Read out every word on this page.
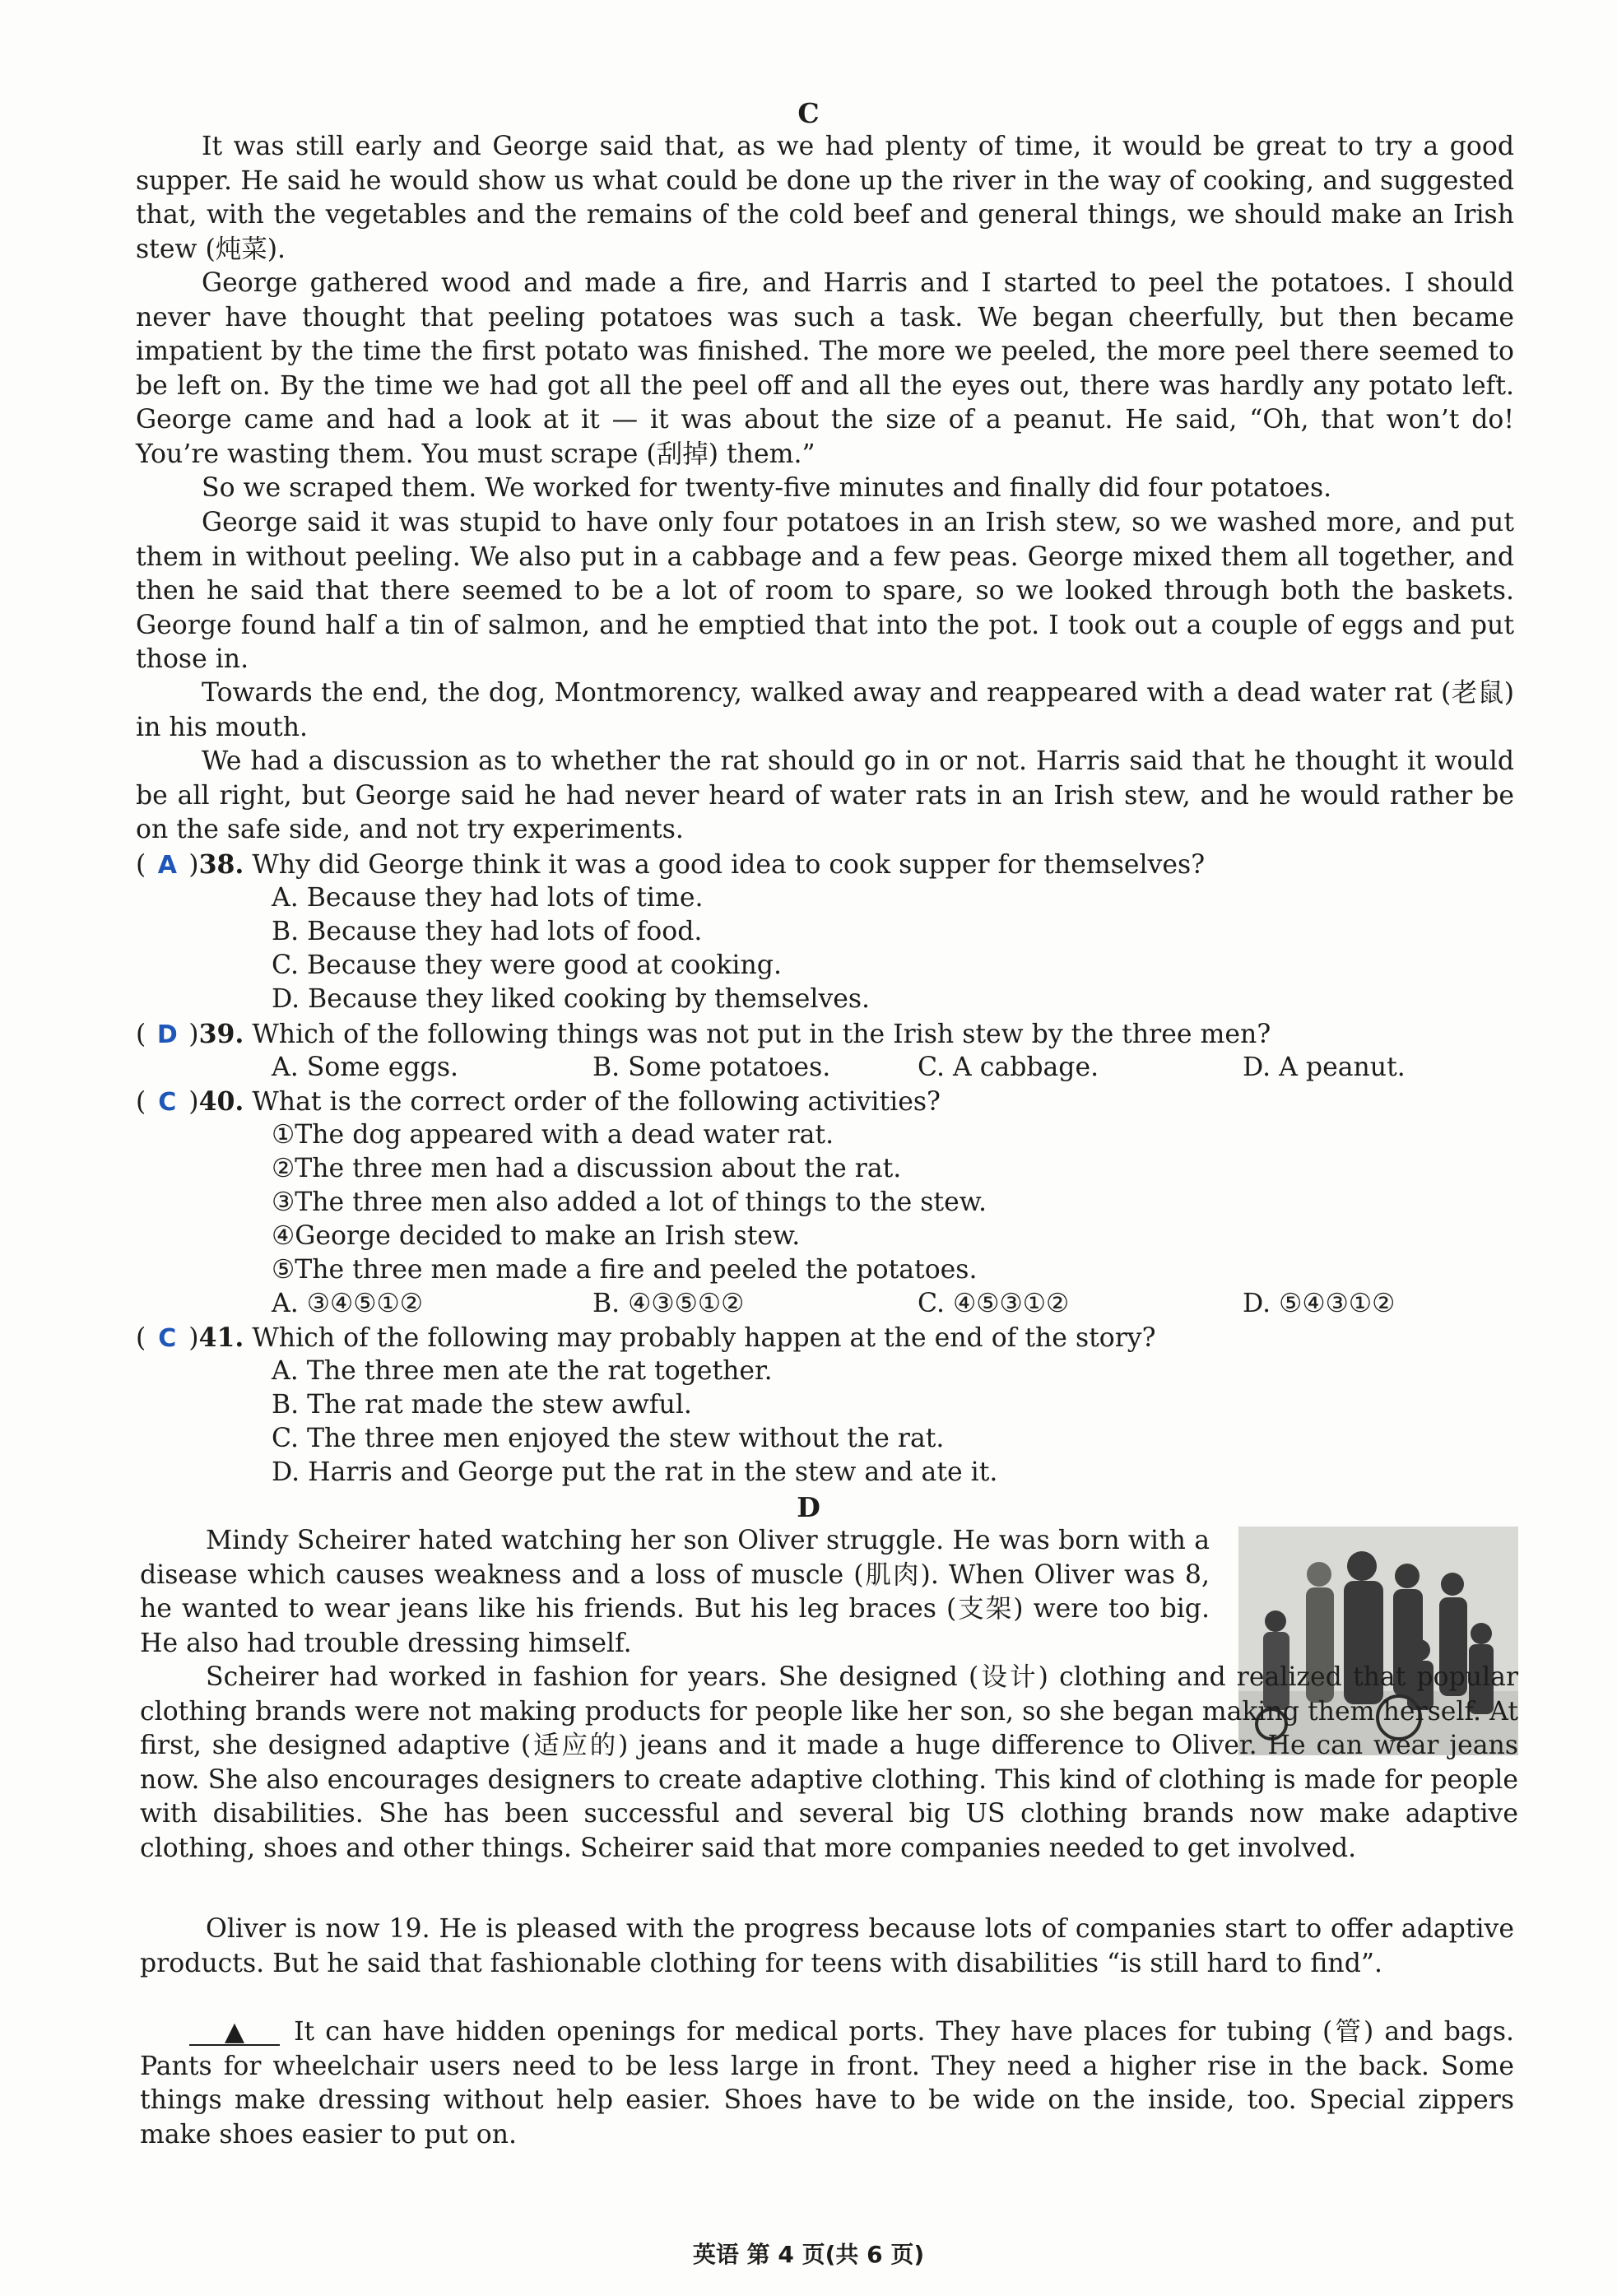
C
It was still early and George said that, as we had plenty of time, it would be great to try a good supper. He said he would show us what could be done up the river in the way of cooking, and suggested that, with the vegetables and the remains of the cold beef and general things, we should make an Irish stew (炖菜).
George gathered wood and made a fire, and Harris and I started to peel the potatoes. I should never have thought that peeling potatoes was such a task. We began cheerfully, but then became impatient by the time the first potato was finished. The more we peeled, the more peel there seemed to be left on. By the time we had got all the peel off and all the eyes out, there was hardly any potato left. George came and had a look at it — it was about the size of a peanut. He said, “Oh, that won’t do! You’re wasting them. You must scrape (刮掉) them.”
So we scraped them. We worked for twenty-five minutes and finally did four potatoes.
George said it was stupid to have only four potatoes in an Irish stew, so we washed more, and put them in without peeling. We also put in a cabbage and a few peas. George mixed them all together, and then he said that there seemed to be a lot of room to spare, so we looked through both the baskets. George found half a tin of salmon, and he emptied that into the pot. I took out a couple of eggs and put those in.
Towards the end, the dog, Montmorency, walked away and reappeared with a dead water rat (老鼠) in his mouth.
We had a discussion as to whether the rat should go in or not. Harris said that he thought it would be all right, but George said he had never heard of water rats in an Irish stew, and he would rather be on the safe side, and not try experiments.
( A )38. Why did George think it was a good idea to cook supper for themselves?
A. Because they had lots of time.
B. Because they had lots of food.
C. Because they were good at cooking.
D. Because they liked cooking by themselves.
( D )39. Which of the following things was not put in the Irish stew by the three men?
A. Some eggs.	B. Some potatoes.	C. A cabbage.	D. A peanut.
( C )40. What is the correct order of the following activities?
①The dog appeared with a dead water rat.
②The three men had a discussion about the rat.
③The three men also added a lot of things to the stew.
④George decided to make an Irish stew.
⑤The three men made a fire and peeled the potatoes.
A. ③④⑤①②	B. ④③⑤①②	C. ④⑤③①②	D. ⑤④③①②
( C )41. Which of the following may probably happen at the end of the story?
A. The three men ate the rat together.
B. The rat made the stew awful.
C. The three men enjoyed the stew without the rat.
D. Harris and George put the rat in the stew and ate it.
D
Mindy Scheirer hated watching her son Oliver struggle. He was born with a disease which causes weakness and a loss of muscle (肌肉). When Oliver was 8, he wanted to wear jeans like his friends. But his leg braces (支架) were too big. He also had trouble dressing himself.
Scheirer had worked in fashion for years. She designed (设计) clothing and realized that popular clothing brands were not making products for people like her son, so she began making them herself. At first, she designed adaptive (适应的) jeans and it made a huge difference to Oliver. He can wear jeans now. She also encourages designers to create adaptive clothing. This kind of clothing is made for people with disabilities. She has been successful and several big US clothing brands now make adaptive clothing, shoes and other things. Scheirer said that more companies needed to get involved.
Oliver is now 19. He is pleased with the progress because lots of companies start to offer adaptive products. But he said that fashionable clothing for teens with disabilities “is still hard to find”.
▲ It can have hidden openings for medical ports. They have places for tubing (管) and bags. Pants for wheelchair users need to be less large in front. They need a higher rise in the back. Some things make dressing without help easier. Shoes have to be wide on the inside, too. Special zippers make shoes easier to put on.
英语 第 4 页(共 6 页)
